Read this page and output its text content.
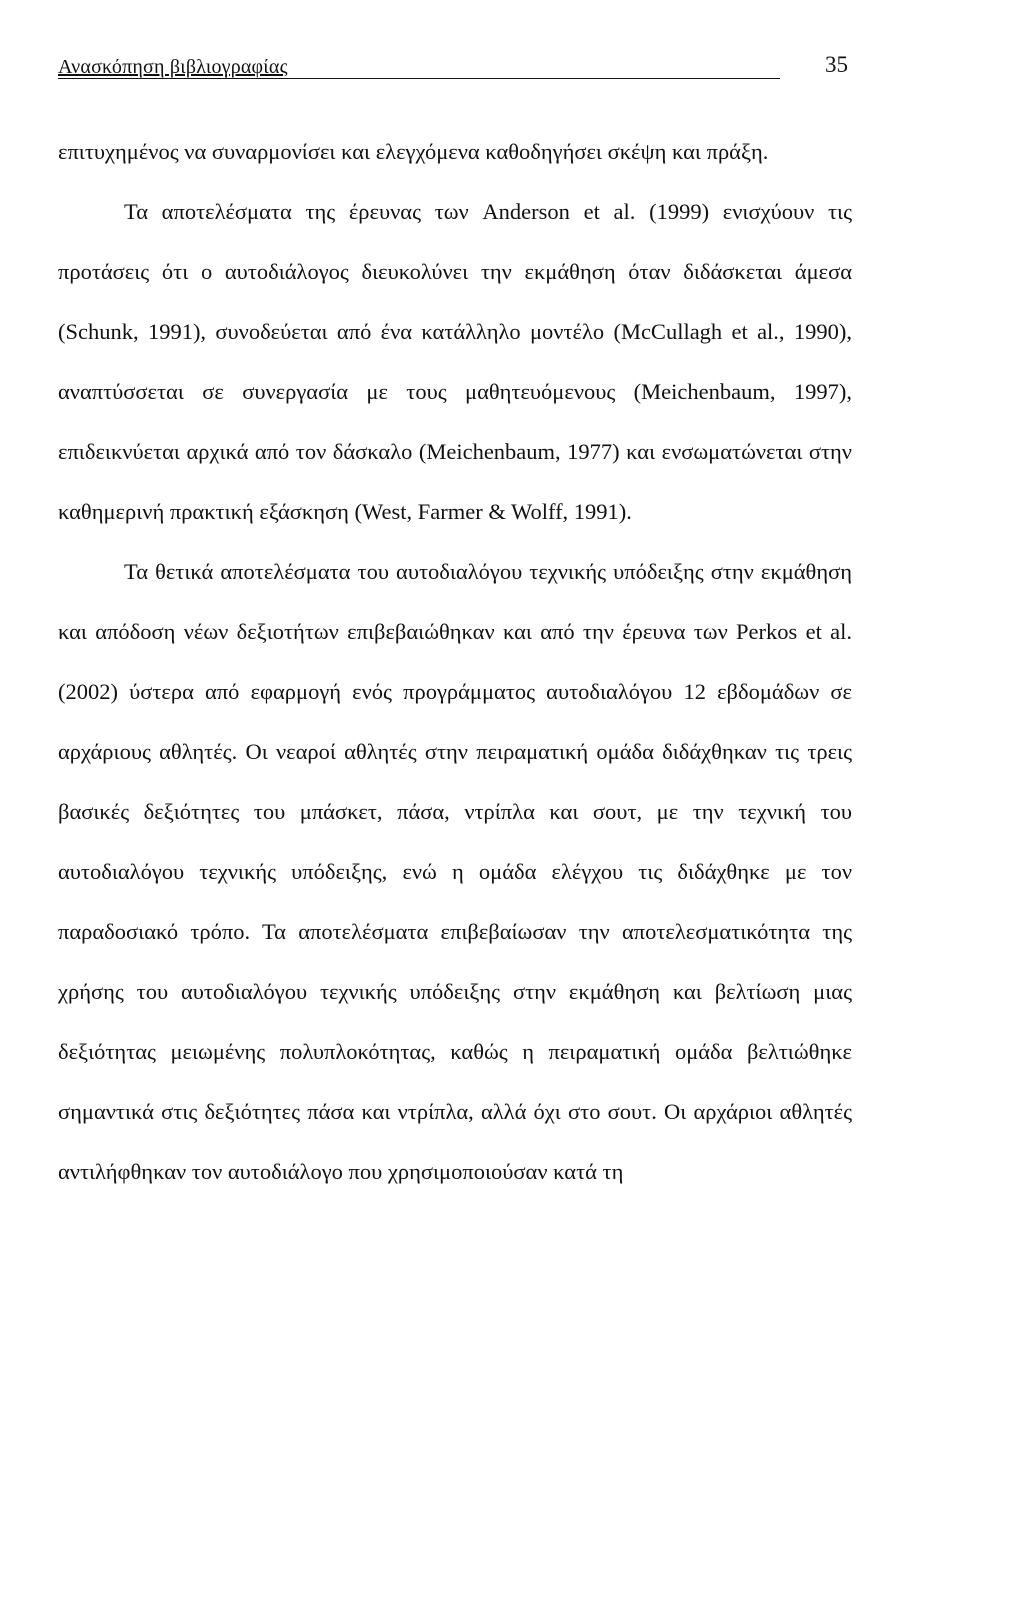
Ανασκόπηση βιβλιογραφίας	35

επιτυχημένος να συναρμονίσει και ελεγχόμενα καθοδηγήσει σκέψη και πράξη.

Τα αποτελέσματα της έρευνας των Anderson et al. (1999) ενισχύουν τις προτάσεις ότι ο αυτοδιάλογος διευκολύνει την εκμάθηση όταν διδάσκεται άμεσα (Schunk, 1991), συνοδεύεται από ένα κατάλληλο μοντέλο (McCullagh et al., 1990), αναπτύσσεται σε συνεργασία με τους μαθητευόμενους (Meichenbaum, 1997), επιδεικνύεται αρχικά από τον δάσκαλο (Meichenbaum, 1977) και ενσωματώνεται στην καθημερινή πρακτική εξάσκηση (West, Farmer & Wolff, 1991).

Τα θετικά αποτελέσματα του αυτοδιαλόγου τεχνικής υπόδειξης στην εκμάθηση και απόδοση νέων δεξιοτήτων επιβεβαιώθηκαν και από την έρευνα των Perkos et al. (2002) ύστερα από εφαρμογή ενός προγράμματος αυτοδιαλόγου 12 εβδομάδων σε αρχάριους αθλητές. Οι νεαροί αθλητές στην πειραματική ομάδα διδάχθηκαν τις τρεις βασικές δεξιότητες του μπάσκετ, πάσα, ντρίπλα και σουτ, με την τεχνική του αυτοδιαλόγου τεχνικής υπόδειξης, ενώ η ομάδα ελέγχου τις διδάχθηκε με τον παραδοσιακό τρόπο. Τα αποτελέσματα επιβεβαίωσαν την αποτελεσματικότητα της χρήσης του αυτοδιαλόγου τεχνικής υπόδειξης στην εκμάθηση και βελτίωση μιας δεξιότητας μειωμένης πολυπλοκότητας, καθώς η πειραματική ομάδα βελτιώθηκε σημαντικά στις δεξιότητες πάσα και ντρίπλα, αλλά όχι στο σουτ. Οι αρχάριοι αθλητές αντιλήφθηκαν τον αυτοδιάλογο που χρησιμοποιούσαν κατά τη
